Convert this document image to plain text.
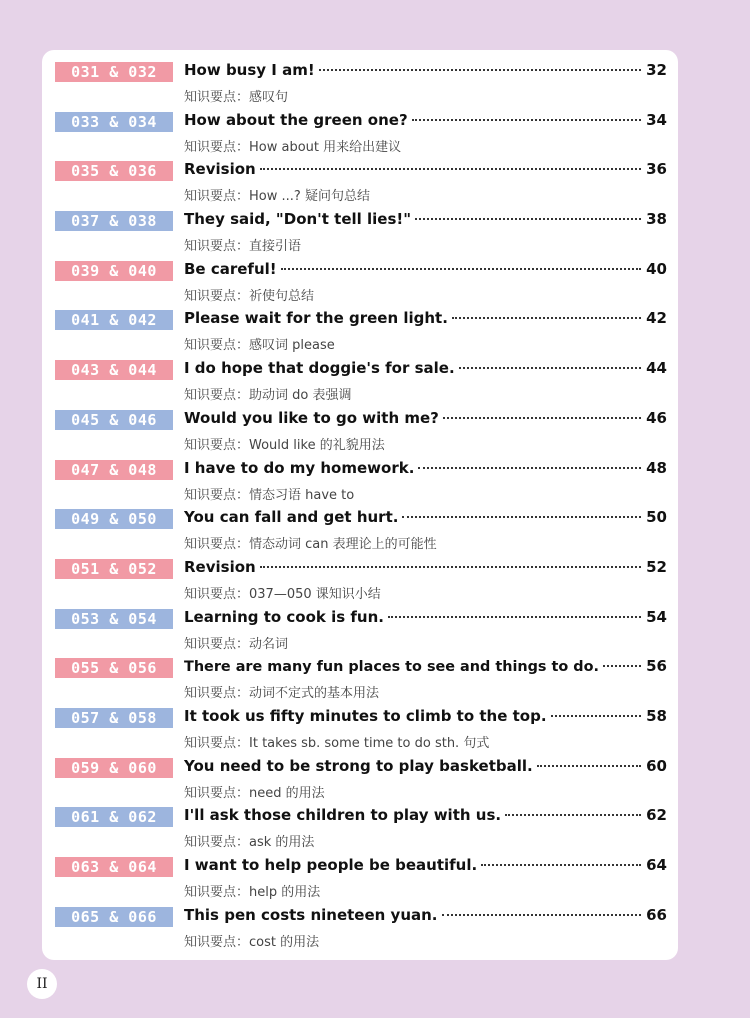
031 & 032	How busy I am!	32
知识要点：感叹句
033 & 034	How about the green one?	34
知识要点：How about 用来给出建议
035 & 036	Revision	36
知识要点：How ...? 疑问句总结
037 & 038	They said, "Don't tell lies!"	38
知识要点：直接引语
039 & 040	Be careful!	40
知识要点：祈使句总结
041 & 042	Please wait for the green light.	42
知识要点：感叹词 please
043 & 044	I do hope that doggie's for sale.	44
知识要点：助动词 do 表强调
045 & 046	Would you like to go with me?	46
知识要点：Would like 的礼貌用法
047 & 048	I have to do my homework.	48
知识要点：情态习语 have to
049 & 050	You can fall and get hurt.	50
知识要点：情态动词 can 表理论上的可能性
051 & 052	Revision	52
知识要点：037—050 课知识小结
053 & 054	Learning to cook is fun.	54
知识要点：动名词
055 & 056	There are many fun places to see and things to do.	56
知识要点：动词不定式的基本用法
057 & 058	It took us fifty minutes to climb to the top.	58
知识要点：It takes sb. some time to do sth. 句式
059 & 060	You need to be strong to play basketball.	60
知识要点：need 的用法
061 & 062	I'll ask those children to play with us.	62
知识要点：ask 的用法
063 & 064	I want to help people be beautiful.	64
知识要点：help 的用法
065 & 066	This pen costs nineteen yuan.	66
知识要点：cost 的用法
II
